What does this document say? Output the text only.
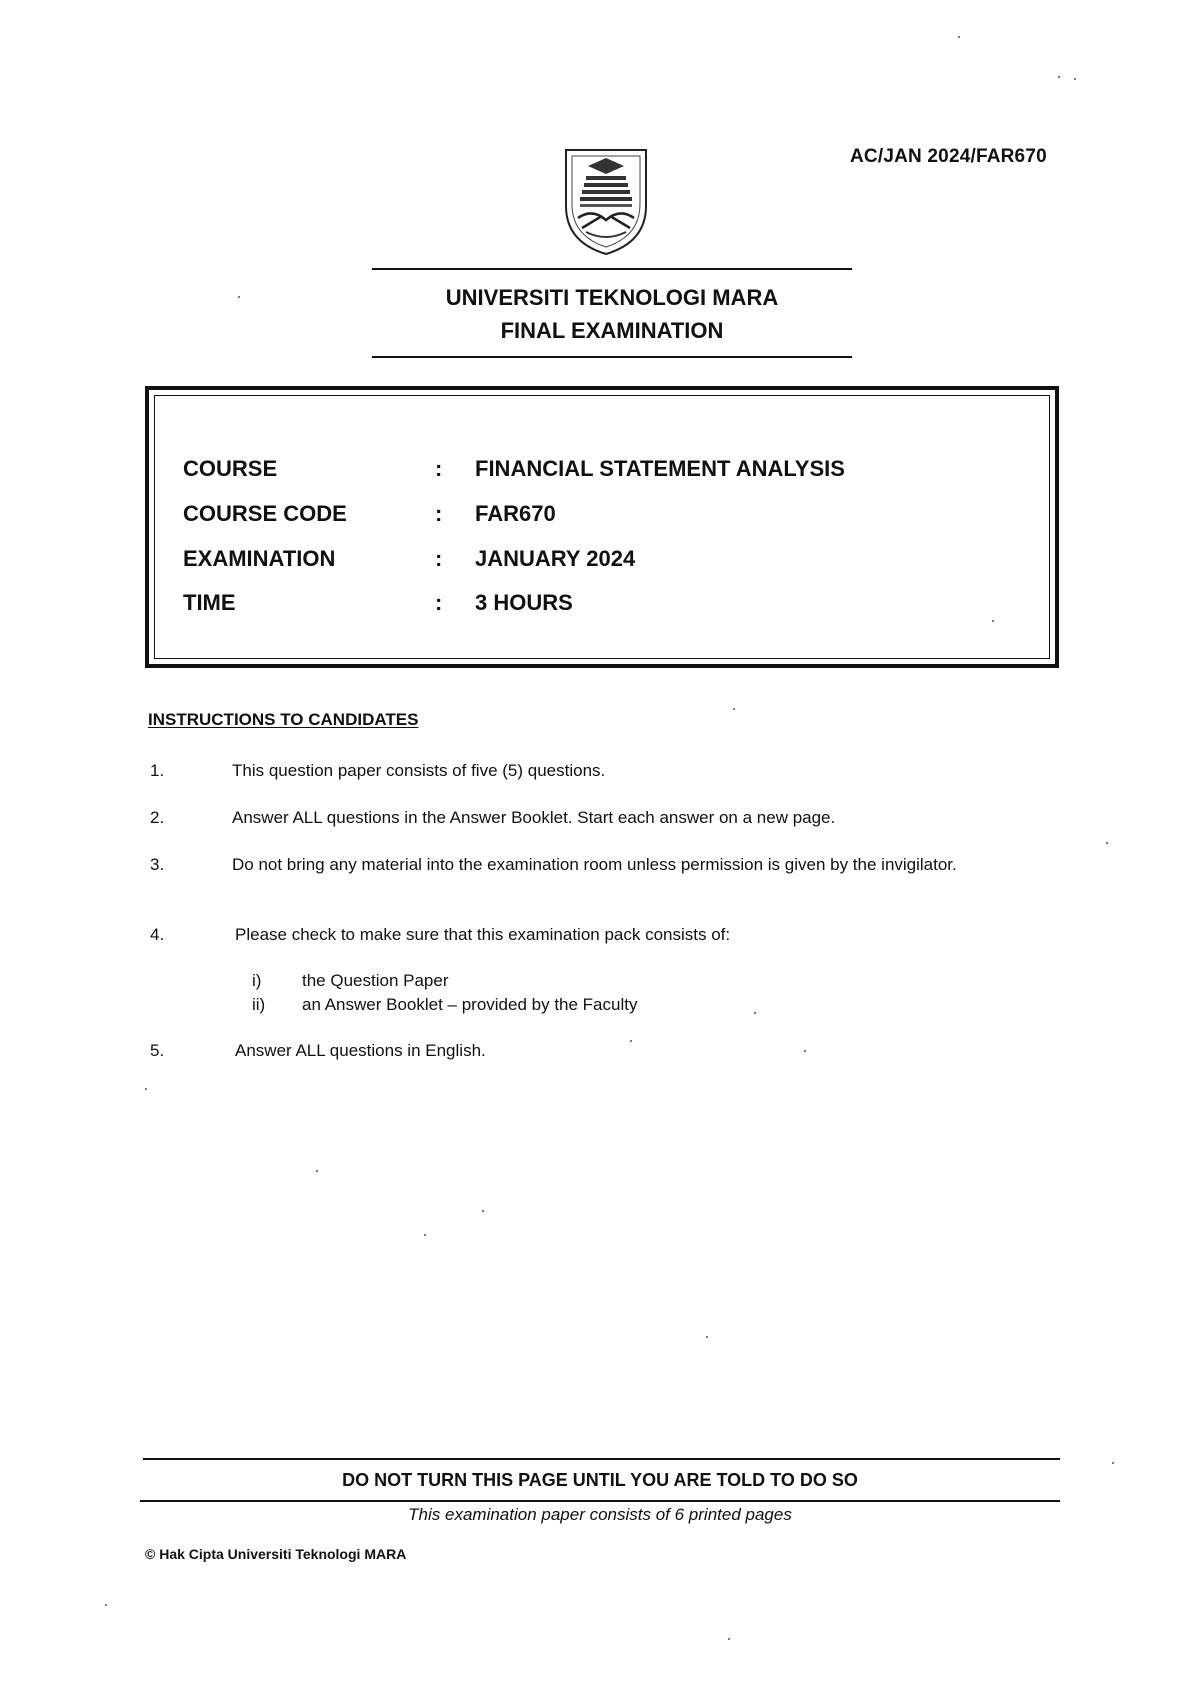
AC/JAN 2024/FAR670
UNIVERSITI TEKNOLOGI MARA
FINAL EXAMINATION
COURSE	: FINANCIAL STATEMENT ANALYSIS
COURSE CODE	: FAR670
EXAMINATION	: JANUARY 2024
TIME	: 3 HOURS
INSTRUCTIONS TO CANDIDATES
1.	This question paper consists of five (5) questions.
2.	Answer ALL questions in the Answer Booklet. Start each answer on a new page.
3.	Do not bring any material into the examination room unless permission is given by the invigilator.
4.	Please check to make sure that this examination pack consists of:
i) the Question Paper
ii) an Answer Booklet – provided by the Faculty
5.	Answer ALL questions in English.
DO NOT TURN THIS PAGE UNTIL YOU ARE TOLD TO DO SO
This examination paper consists of 6 printed pages
© Hak Cipta Universiti Teknologi MARA
